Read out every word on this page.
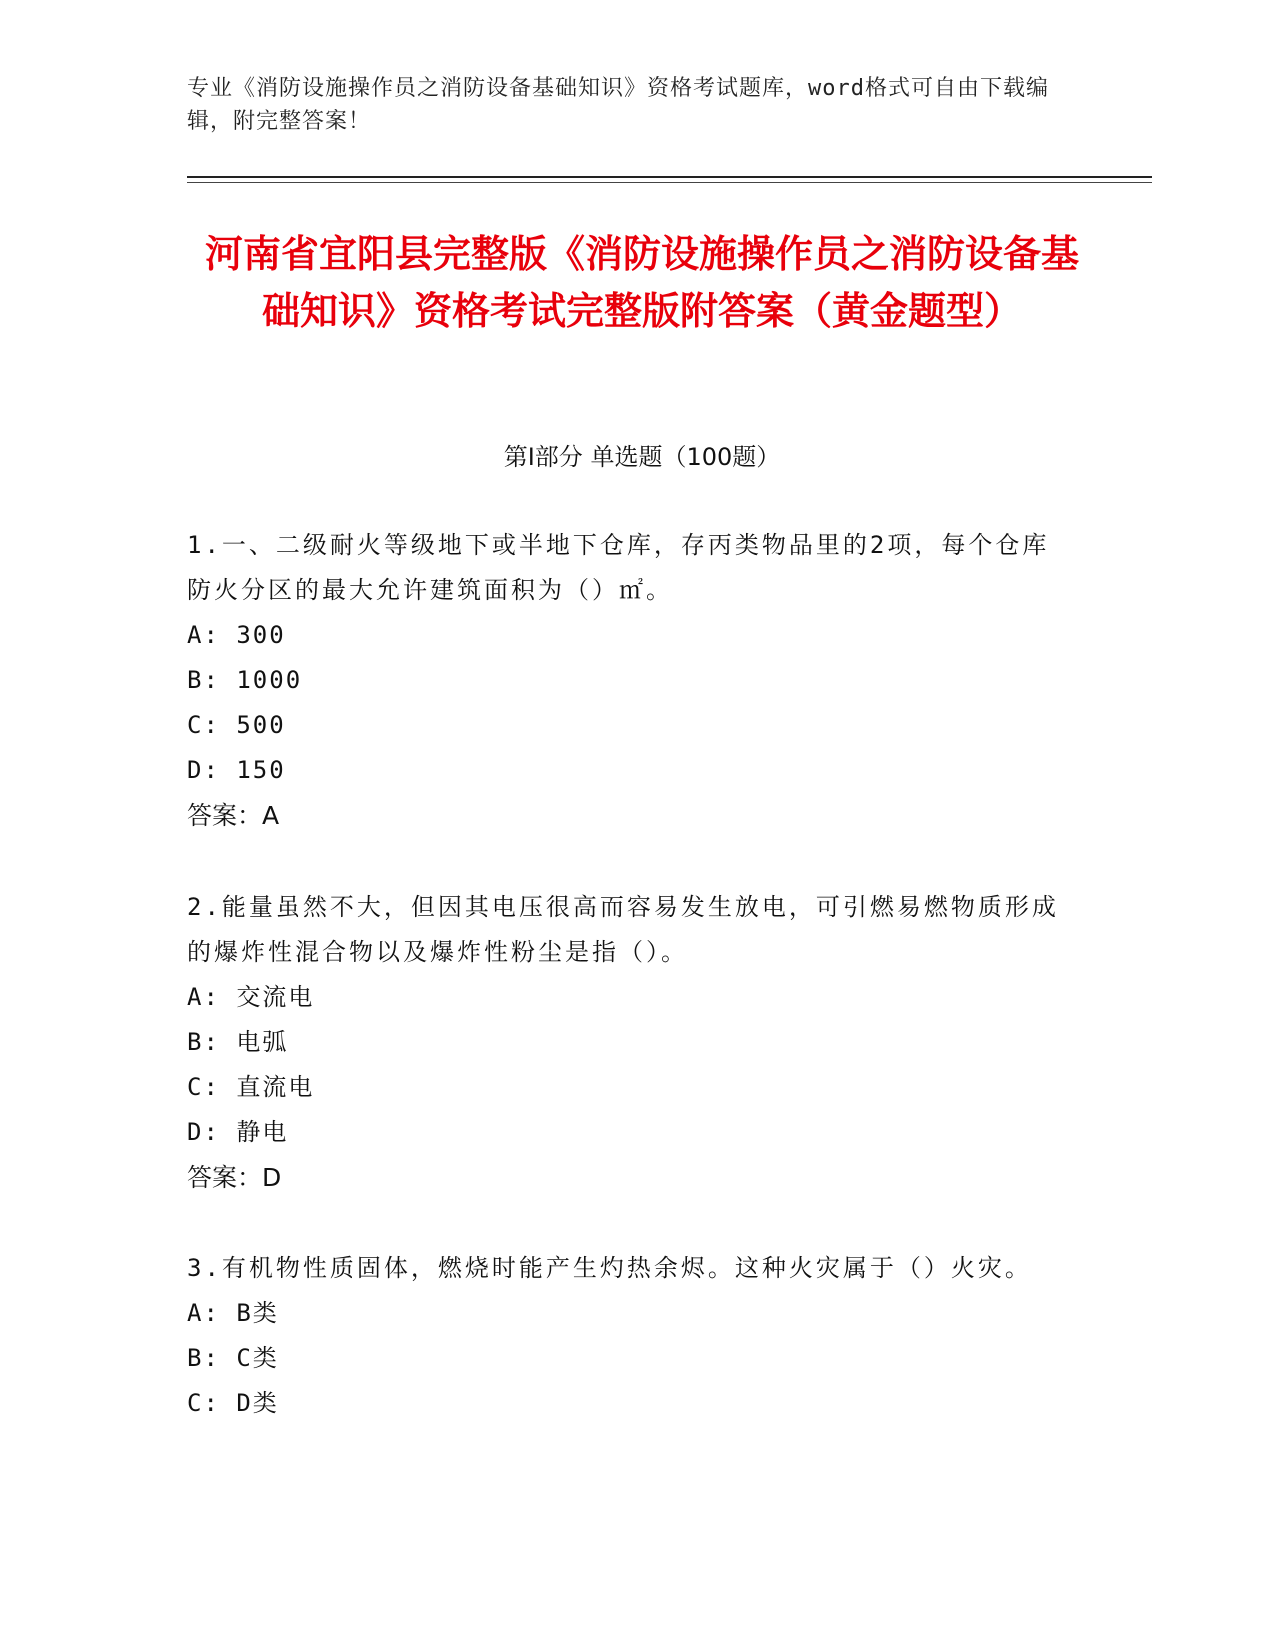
专业《消防设施操作员之消防设备基础知识》资格考试题库，word格式可自由下载编辑，附完整答案！
河南省宜阳县完整版《消防设施操作员之消防设备基础知识》资格考试完整版附答案（黄金题型）
第I部分 单选题（100题）

1.一、二级耐火等级地下或半地下仓库，存丙类物品里的2项，每个仓库防火分区的最大允许建筑面积为（）㎡。

A: 300

B: 1000

C: 500

D: 150

答案：A

2.能量虽然不大，但因其电压很高而容易发生放电，可引燃易燃物质形成的爆炸性混合物以及爆炸性粉尘是指（）。

A: 交流电

B: 电弧

C: 直流电

D: 静电

答案：D

3.有机物性质固体，燃烧时能产生灼热余烬。这种火灾属于（）火灾。

A: B类

B: C类

C: D类
